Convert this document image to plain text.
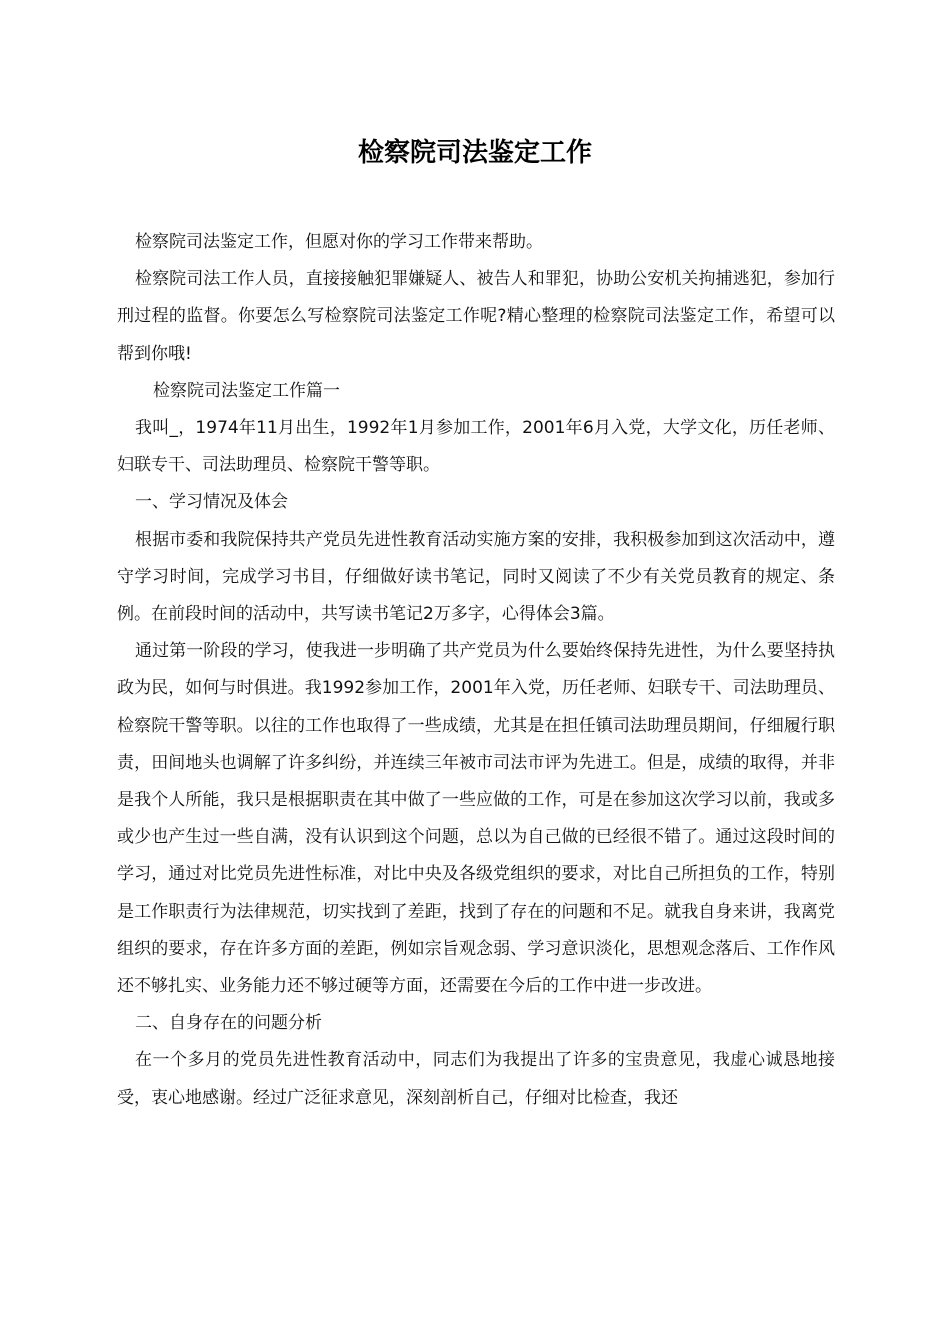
检察院司法鉴定工作

检察院司法鉴定工作，但愿对你的学习工作带来帮助。

检察院司法工作人员，直接接触犯罪嫌疑人、被告人和罪犯，协助公安机关拘捕逃犯，参加行刑过程的监督。你要怎么写检察院司法鉴定工作呢?精心整理的检察院司法鉴定工作，希望可以帮到你哦!

检察院司法鉴定工作篇一

我叫_，1974年11月出生，1992年1月参加工作，2001年6月入党，大学文化，历任老师、妇联专干、司法助理员、检察院干警等职。

一、学习情况及体会

根据市委和我院保持共产党员先进性教育活动实施方案的安排，我积极参加到这次活动中，遵守学习时间，完成学习书目，仔细做好读书笔记，同时又阅读了不少有关党员教育的规定、条例。在前段时间的活动中，共写读书笔记2万多字，心得体会3篇。

通过第一阶段的学习，使我进一步明确了共产党员为什么要始终保持先进性，为什么要坚持执政为民，如何与时俱进。我1992参加工作，2001年入党，历任老师、妇联专干、司法助理员、检察院干警等职。以往的工作也取得了一些成绩，尤其是在担任镇司法助理员期间，仔细履行职责，田间地头也调解了许多纠纷，并连续三年被市司法市评为先进工。但是，成绩的取得，并非是我个人所能，我只是根据职责在其中做了一些应做的工作，可是在参加这次学习以前，我或多或少也产生过一些自满，没有认识到这个问题，总以为自己做的已经很不错了。通过这段时间的学习，通过对比党员先进性标准，对比中央及各级党组织的要求，对比自己所担负的工作，特别是工作职责行为法律规范，切实找到了差距，找到了存在的问题和不足。就我自身来讲，我离党组织的要求，存在许多方面的差距，例如宗旨观念弱、学习意识淡化，思想观念落后、工作作风还不够扎实、业务能力还不够过硬等方面，还需要在今后的工作中进一步改进。

二、自身存在的问题分析

在一个多月的党员先进性教育活动中，同志们为我提出了许多的宝贵意见，我虚心诚恳地接受，衷心地感谢。经过广泛征求意见，深刻剖析自己，仔细对比检查，我还
